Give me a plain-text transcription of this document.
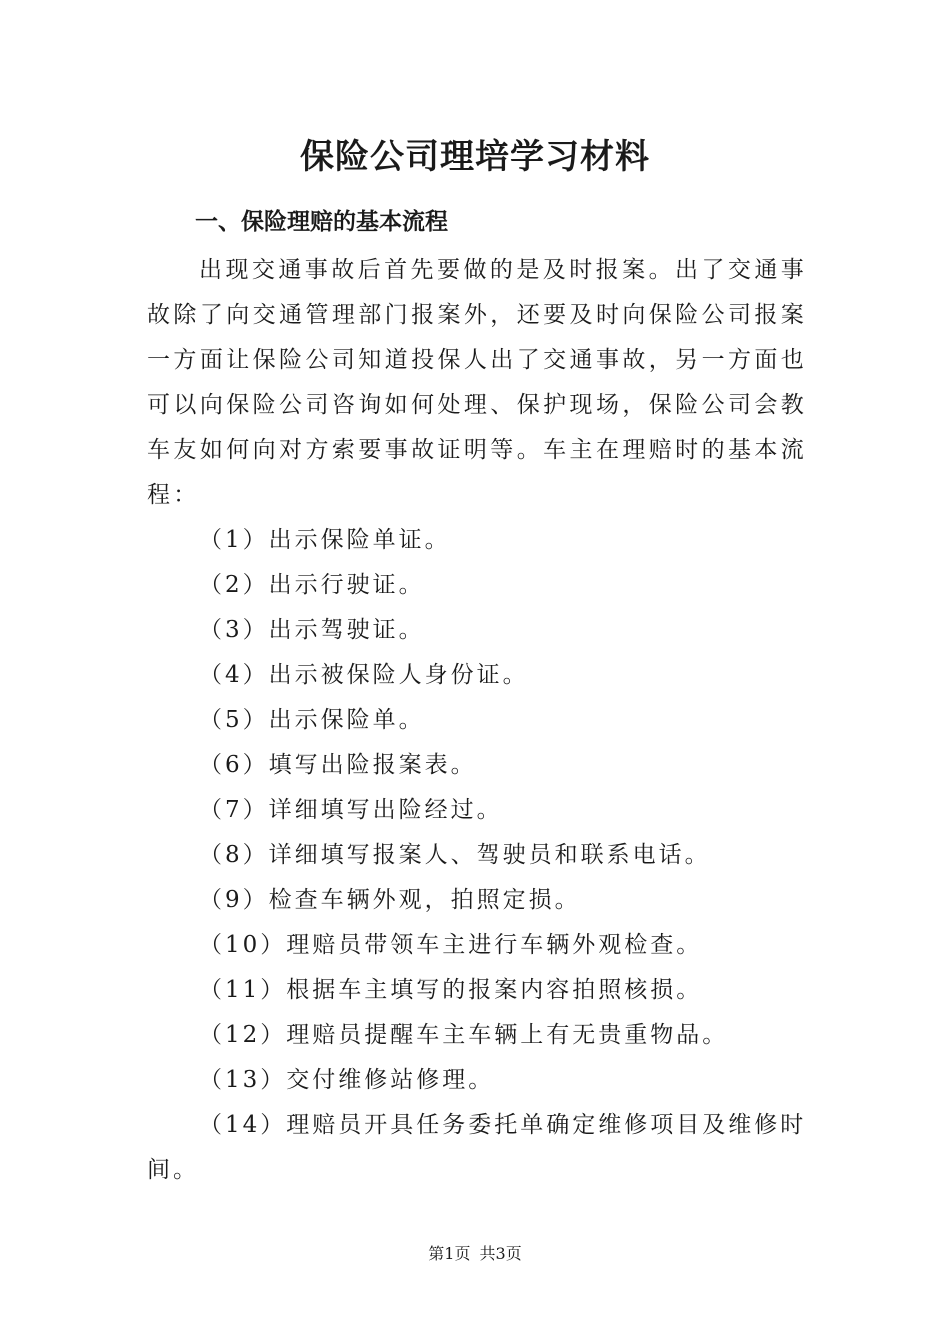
保险公司理培学习材料
一、保险理赔的基本流程

出现交通事故后首先要做的是及时报案。出了交通事故除了向交通管理部门报案外，还要及时向保险公司报案一方面让保险公司知道投保人出了交通事故，另一方面也可以向保险公司咨询如何处理、保护现场，保险公司会教车友如何向对方索要事故证明等。车主在理赔时的基本流程：

（1）出示保险单证。
（2）出示行驶证。
（3）出示驾驶证。
（4）出示被保险人身份证。
（5）出示保险单。
（6）填写出险报案表。
（7）详细填写出险经过。
（8）详细填写报案人、驾驶员和联系电话。
（9）检查车辆外观，拍照定损。
（10）理赔员带领车主进行车辆外观检查。
（11）根据车主填写的报案内容拍照核损。
（12）理赔员提醒车主车辆上有无贵重物品。
（13）交付维修站修理。
（14）理赔员开具任务委托单确定维修项目及维修时间。
第1页 共3页
